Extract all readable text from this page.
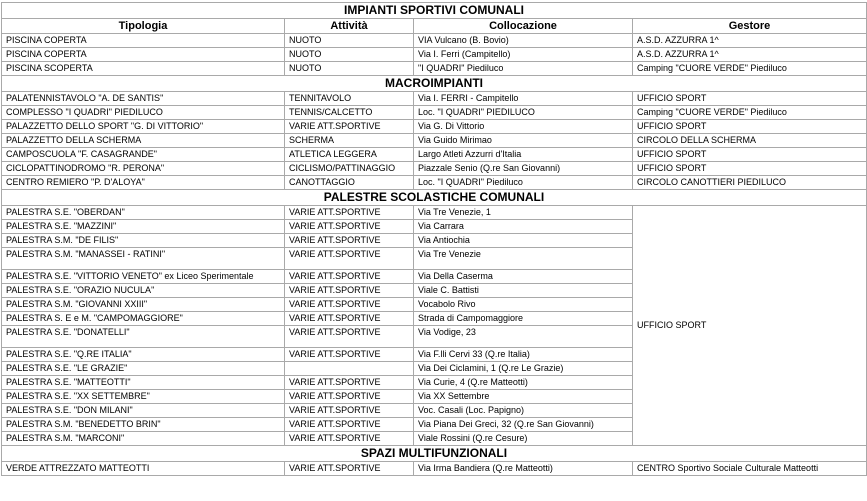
IMPIANTI SPORTIVI COMUNALI			
Tipologia	Attività	Collocazione	Gestore
PISCINA COPERTA	NUOTO	VIA Vulcano (B. Bovio)	A.S.D. AZZURRA 1^
PISCINA COPERTA	NUOTO	Via I. Ferri (Campitello)	A.S.D. AZZURRA 1^
PISCINA SCOPERTA	NUOTO	"I QUADRI" Piediluco	Camping "CUORE VERDE" Piediluco
MACROIMPIANTI			
PALATENNISTAVOLO "A. DE SANTIS"	TENNITAVOLO	Via I. FERRI - Campitello	UFFICIO SPORT
COMPLESSO "I QUADRI" PIEDILUCO	TENNIS/CALCETTO	Loc. "I QUADRI" PIEDILUCO	Camping "CUORE VERDE" Piediluco
PALAZZETTO DELLO SPORT "G. DI VITTORIO"	VARIE ATT.SPORTIVE	Via G. Di Vittorio	UFFICIO SPORT
PALAZZETTO DELLA SCHERMA	SCHERMA	Via Guido Mirimao	CIRCOLO DELLA SCHERMA
CAMPOSCUOLA "F. CASAGRANDE"	ATLETICA LEGGERA	Largo Atleti Azzurri d'Italia	UFFICIO SPORT
CICLOPATTINODROMO "R. PERONA"	CICLISMO/PATTINAGGIO	Piazzale Senio (Q.re San Giovanni)	UFFICIO SPORT
CENTRO REMIERO "P. D'ALOYA"	CANOTTAGGIO	Loc. "I QUADRI" Piediluco	CIRCOLO CANOTTIERI PIEDILUCO
PALESTRE SCOLASTICHE COMUNALI			
PALESTRA S.E. "OBERDAN"	VARIE ATT.SPORTIVE	Via Tre Venezie, 1	UFFICIO SPORT
PALESTRA S.E. "MAZZINI"	VARIE ATT.SPORTIVE	Via Carrara	
PALESTRA S.M. "DE FILIS"	VARIE ATT.SPORTIVE	Via Antiochia	
PALESTRA S.M. "MANASSEI - RATINI"	VARIE ATT.SPORTIVE	Via Tre Venezie	
PALESTRA S.E. "VITTORIO VENETO" ex Liceo Sperimentale	VARIE ATT.SPORTIVE	Via Della Caserma	
PALESTRA S.E. "ORAZIO NUCULA"	VARIE ATT.SPORTIVE	Viale C. Battisti	
PALESTRA S.M. "GIOVANNI XXIII"	VARIE ATT.SPORTIVE	Vocabolo Rivo	
PALESTRA S. E e M. "CAMPOMAGGIORE"	VARIE ATT.SPORTIVE	Strada di Campomaggiore	
PALESTRA S.E. "DONATELLI"	VARIE ATT.SPORTIVE	Via Vodige, 23	
PALESTRA S.E. "Q.RE ITALIA"	VARIE ATT.SPORTIVE	Via F.lli Cervi 33 (Q.re Italia)	
PALESTRA S.E. "LE GRAZIE"		Via Dei Ciclamini, 1 (Q.re Le Grazie)	
PALESTRA S.E. "MATTEOTTI"	VARIE ATT.SPORTIVE	Via Curie, 4 (Q.re Matteotti)	
PALESTRA S.E. "XX SETTEMBRE"	VARIE ATT.SPORTIVE	Via XX Settembre	
PALESTRA S.E. "DON MILANI"	VARIE ATT.SPORTIVE	Voc. Casali (Loc. Papigno)	
PALESTRA S.M. "BENEDETTO BRIN"	VARIE ATT.SPORTIVE	Via Piana Dei Greci, 32 (Q.re San Giovanni)	
PALESTRA S.M. "MARCONI"	VARIE ATT.SPORTIVE	Viale Rossini (Q.re Cesure)	
SPAZI MULTIFUNZIONALI			
VERDE ATTREZZATO MATTEOTTI	VARIE ATT.SPORTIVE	Via Irma Bandiera (Q.re Matteotti)	CENTRO Sportivo Sociale Culturale Matteotti
